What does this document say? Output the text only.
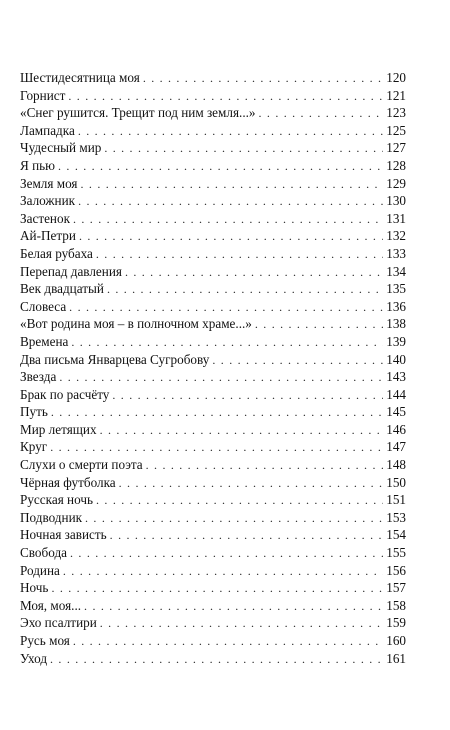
Шестидесятница моя . . .	120
Горнист . . .	121
«Снег рушится. Трещит под ним земля...» . . .	123
Лампадка . . .	125
Чудесный мир . . .	127
Я пью . . .	128
Земля моя . . .	129
Заложник . . .	130
Застенок . . .	131
Ай-Петри . . .	132
Белая рубаха . . .	133
Перепад давления . . .	134
Век двадцатый . . .	135
Словеса . . .	136
«Вот родина моя – в полночном храме...» . . .	138
Времена . . .	139
Два письма Январцева Сугробову . . .	140
Звезда . . .	143
Брак по расчёту . . .	144
Путь . . .	145
Мир летящих . . .	146
Круг . . .	147
Слухи о смерти поэта . . .	148
Чёрная футболка . . .	150
Русская ночь . . .	151
Подводник . . .	153
Ночная зависть . . .	154
Свобода . . .	155
Родина . . .	156
Ночь . . .	157
Моя, моя... . . .	158
Эхо псалтири . . .	159
Русь моя . . .	160
Уход . . .	161
